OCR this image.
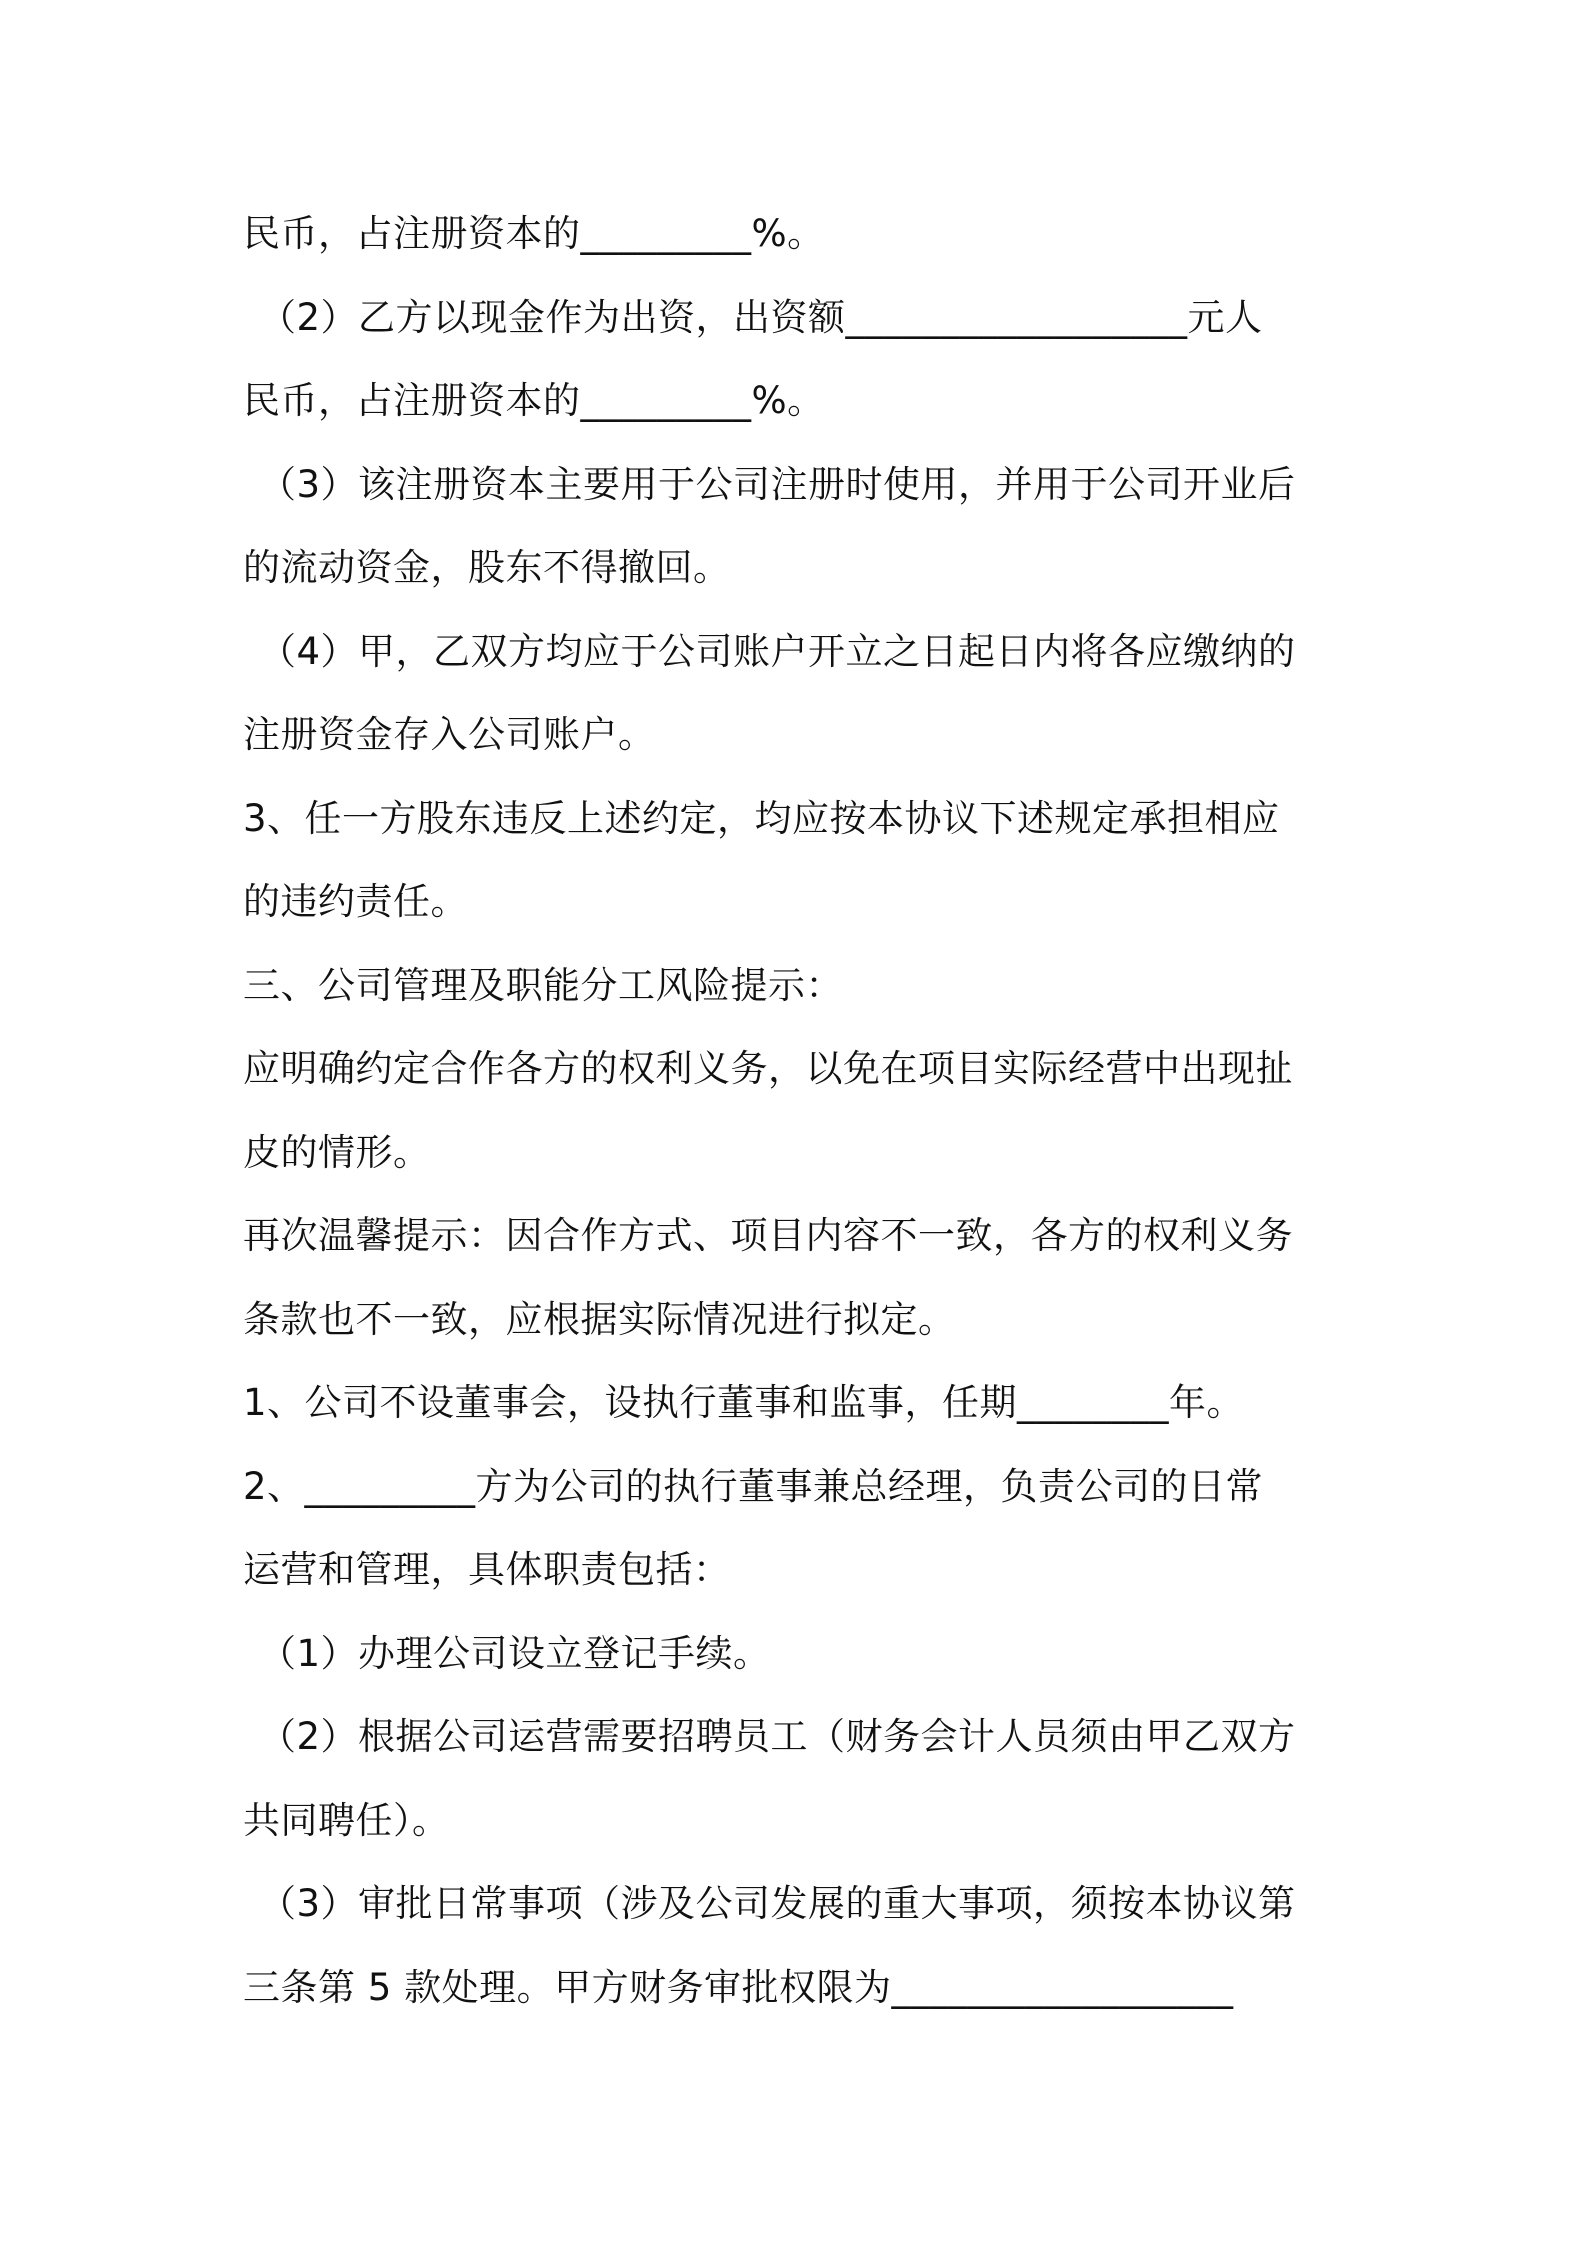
民币，占注册资本的_________%。
（2）乙方以现金作为出资，出资额__________________元人
民币，占注册资本的_________%。
（3）该注册资本主要用于公司注册时使用，并用于公司开业后
的流动资金，股东不得撤回。
（4）甲，乙双方均应于公司账户开立之日起日内将各应缴纳的
注册资金存入公司账户。
3、任一方股东违反上述约定，均应按本协议下述规定承担相应
的违约责任。
三、公司管理及职能分工风险提示：
应明确约定合作各方的权利义务，以免在项目实际经营中出现扯
皮的情形。
再次温馨提示：因合作方式、项目内容不一致，各方的权利义务
条款也不一致，应根据实际情况进行拟定。
1、公司不设董事会，设执行董事和监事，任期________年。
2、_________方为公司的执行董事兼总经理，负责公司的日常
运营和管理，具体职责包括：
（1）办理公司设立登记手续。
（2）根据公司运营需要招聘员工（财务会计人员须由甲乙双方
共同聘任）。
（3）审批日常事项（涉及公司发展的重大事项，须按本协议第
三条第 5 款处理。甲方财务审批权限为__________________
